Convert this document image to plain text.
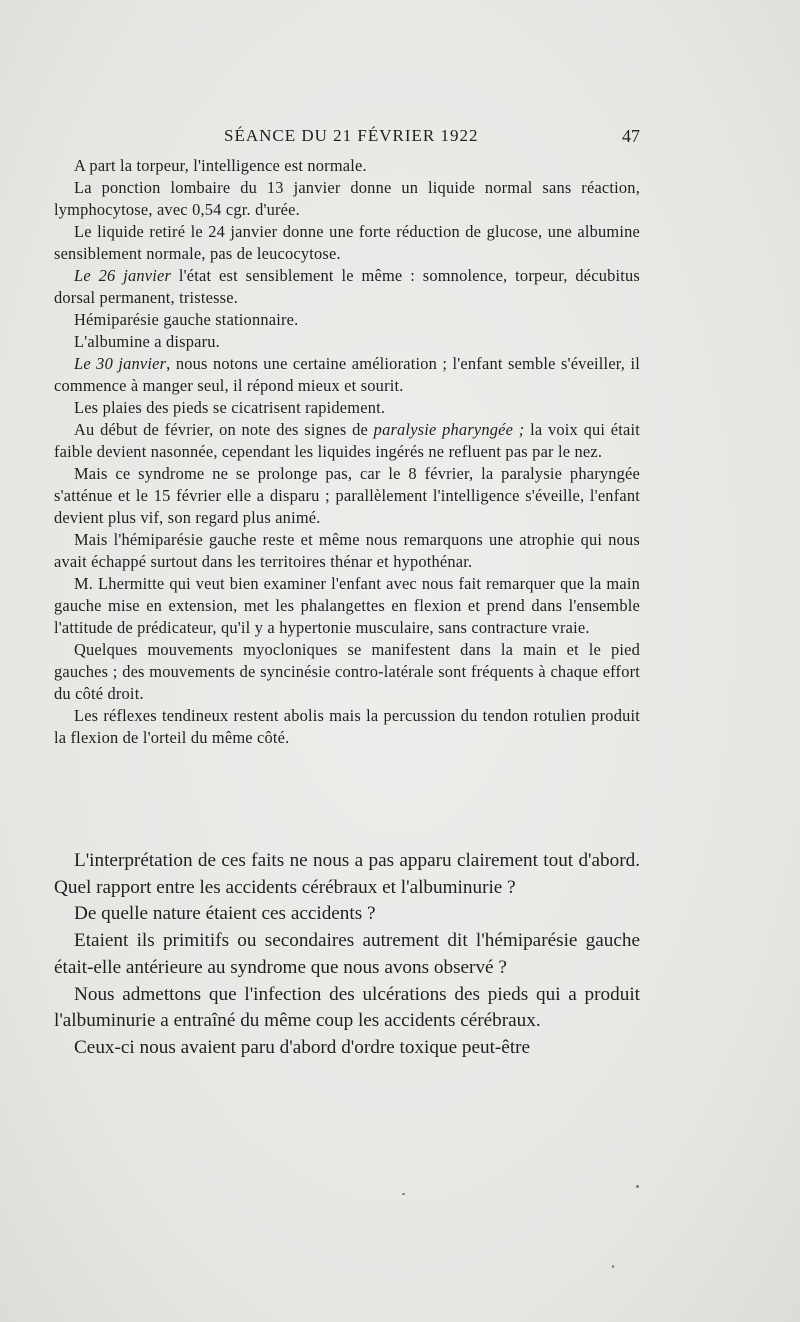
SÉANCE DU 21 FÉVRIER 1922	47

A part la torpeur, l'intelligence est normale.

La ponction lombaire du 13 janvier donne un liquide normal sans réaction, lymphocytose, avec 0,54 cgr. d'urée.

Le liquide retiré le 24 janvier donne une forte réduction de glucose, une albumine sensiblement normale, pas de leucocytose.

Le 26 janvier l'état est sensiblement le même : somnolence, torpeur, décubitus dorsal permanent, tristesse.

Hémiparésie gauche stationnaire.

L'albumine a disparu.

Le 30 janvier, nous notons une certaine amélioration ; l'enfant semble s'éveiller, il commence à manger seul, il répond mieux et sourit.

Les plaies des pieds se cicatrisent rapidement.

Au début de février, on note des signes de paralysie pharyngée ; la voix qui était faible devient nasonnée, cependant les liquides ingérés ne refluent pas par le nez.

Mais ce syndrome ne se prolonge pas, car le 8 février, la paralysie pharyngée s'atténue et le 15 février elle a disparu ; parallèlement l'intelligence s'éveille, l'enfant devient plus vif, son regard plus animé.

Mais l'hémiparésie gauche reste et même nous remarquons une atrophie qui nous avait échappé surtout dans les territoires thénar et hypothénar.

M. Lhermitte qui veut bien examiner l'enfant avec nous fait remarquer que la main gauche mise en extension, met les phalangettes en flexion et prend dans l'ensemble l'attitude de prédicateur, qu'il y a hypertonie musculaire, sans contracture vraie.

Quelques mouvements myocloniques se manifestent dans la main et le pied gauches ; des mouvements de syncinésie contro-latérale sont fréquents à chaque effort du côté droit.

Les réflexes tendineux restent abolis mais la percussion du tendon rotulien produit la flexion de l'orteil du même côté.

L'interprétation de ces faits ne nous a pas apparu clairement tout d'abord. Quel rapport entre les accidents cérébraux et l'albuminurie ?

De quelle nature étaient ces accidents ?

Etaient ils primitifs ou secondaires autrement dit l'hémiparésie gauche était-elle antérieure au syndrome que nous avons observé ?

Nous admettons que l'infection des ulcérations des pieds qui a produit l'albuminurie a entraîné du même coup les accidents cérébraux.

Ceux-ci nous avaient paru d'abord d'ordre toxique peut-être
